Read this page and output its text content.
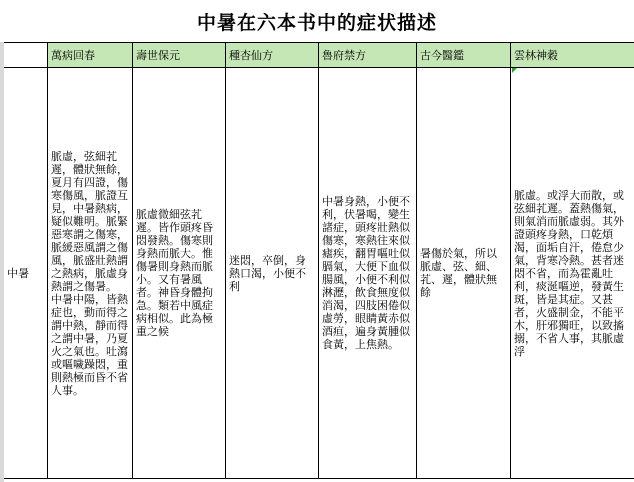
中暑在六本书中的症状描述
	萬病回春	壽世保元	種杏仙方	魯府禁方	古今醫鑑	雲林神穀
中暑	脈虛，弦細芤遲，體狀無餘，夏月有四證，傷寒傷風，脈證互見，中暑熱病，疑似難明。脈緊惡寒謂之傷寒，脈緩惡風謂之傷風，脈盛壯熱謂之熱病，脈虛身熱謂之傷暑。
中暑中陽，皆熱症也，動而得之謂中熱，靜而得之謂中暑，乃夏火之氣也。吐瀉或嘔噦躁悶，重則熱極而昏不省人事。	脈虛微細弦芤遲。皆作頭疼昏悶發熱。傷寒則身熱而脈大。惟傷暑則身熱而脈小。又有暑風者。神昏身體拘急。類若中風症病相似。此為極重之候	迷悶，卒倒，身熱口渴，小便不利	中暑身熱，小便不利，伏暑喝，變生諸症，頭疼壯熱似傷寒，寒熱往來似瘧疾，翻胃嘔吐似膈氣，大便下血似腸風，小便不利似淋瀝，飲食無度似消渴，四肢困倦似虛勞，眼睛黃赤似酒疸，遍身黃腫似食黃，上焦熱。	暑傷於氣，所以脈虛、弦、細、芤、遲，體狀無餘	脈虛。或浮大而散，或弦細芤遲。蓋熱傷氣，則氣消而脈虛弱。其外證頭疼身熱，口乾煩渴，面垢自汗，倦怠少氣，背寒冷熱。甚者迷悶不省，而為霍亂吐利，痰涎嘔逆，發黃生斑，皆是其症。又甚者，火盛制金，不能平木，肝邪獨旺，以致搐搦，不省人事，其脈虛浮
